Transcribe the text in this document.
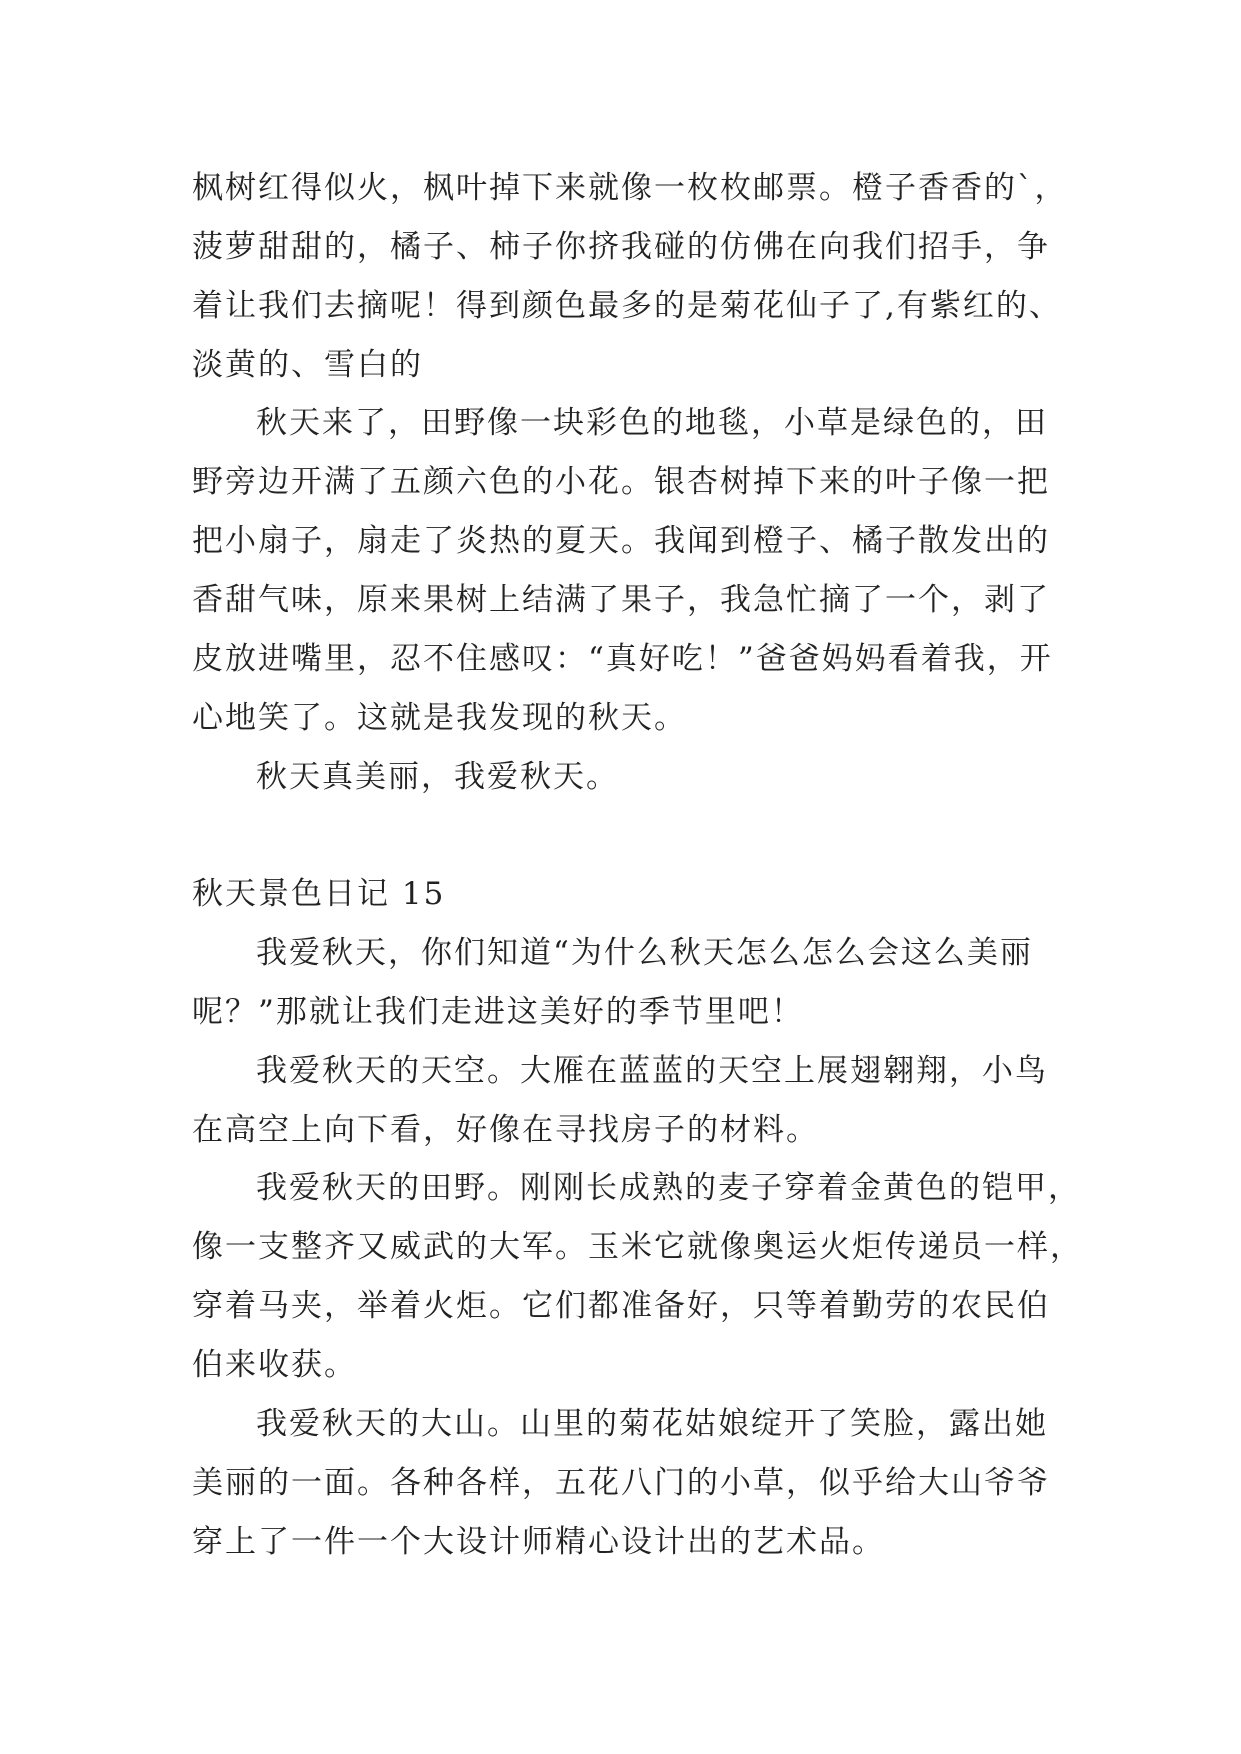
枫树红得似火，枫叶掉下来就像一枚枚邮票。橙子香香的`，
菠萝甜甜的，橘子、柿子你挤我碰的仿佛在向我们招手，争
着让我们去摘呢！得到颜色最多的是菊花仙子了,有紫红的、
淡黄的、雪白的
秋天来了，田野像一块彩色的地毯，小草是绿色的，田
野旁边开满了五颜六色的小花。银杏树掉下来的叶子像一把
把小扇子，扇走了炎热的夏天。我闻到橙子、橘子散发出的
香甜气味，原来果树上结满了果子，我急忙摘了一个，剥了
皮放进嘴里，忍不住感叹：“真好吃！”爸爸妈妈看着我，开
心地笑了。这就是我发现的秋天。
秋天真美丽，我爱秋天。
秋天景色日记 15
我爱秋天，你们知道“为什么秋天怎么怎么会这么美丽
呢？”那就让我们走进这美好的季节里吧！
我爱秋天的天空。大雁在蓝蓝的天空上展翅翱翔，小鸟
在高空上向下看，好像在寻找房子的材料。
我爱秋天的田野。刚刚长成熟的麦子穿着金黄色的铠甲，
像一支整齐又威武的大军。玉米它就像奥运火炬传递员一样，
穿着马夹，举着火炬。它们都准备好，只等着勤劳的农民伯
伯来收获。
我爱秋天的大山。山里的菊花姑娘绽开了笑脸，露出她
美丽的一面。各种各样，五花八门的小草，似乎给大山爷爷
穿上了一件一个大设计师精心设计出的艺术品。
